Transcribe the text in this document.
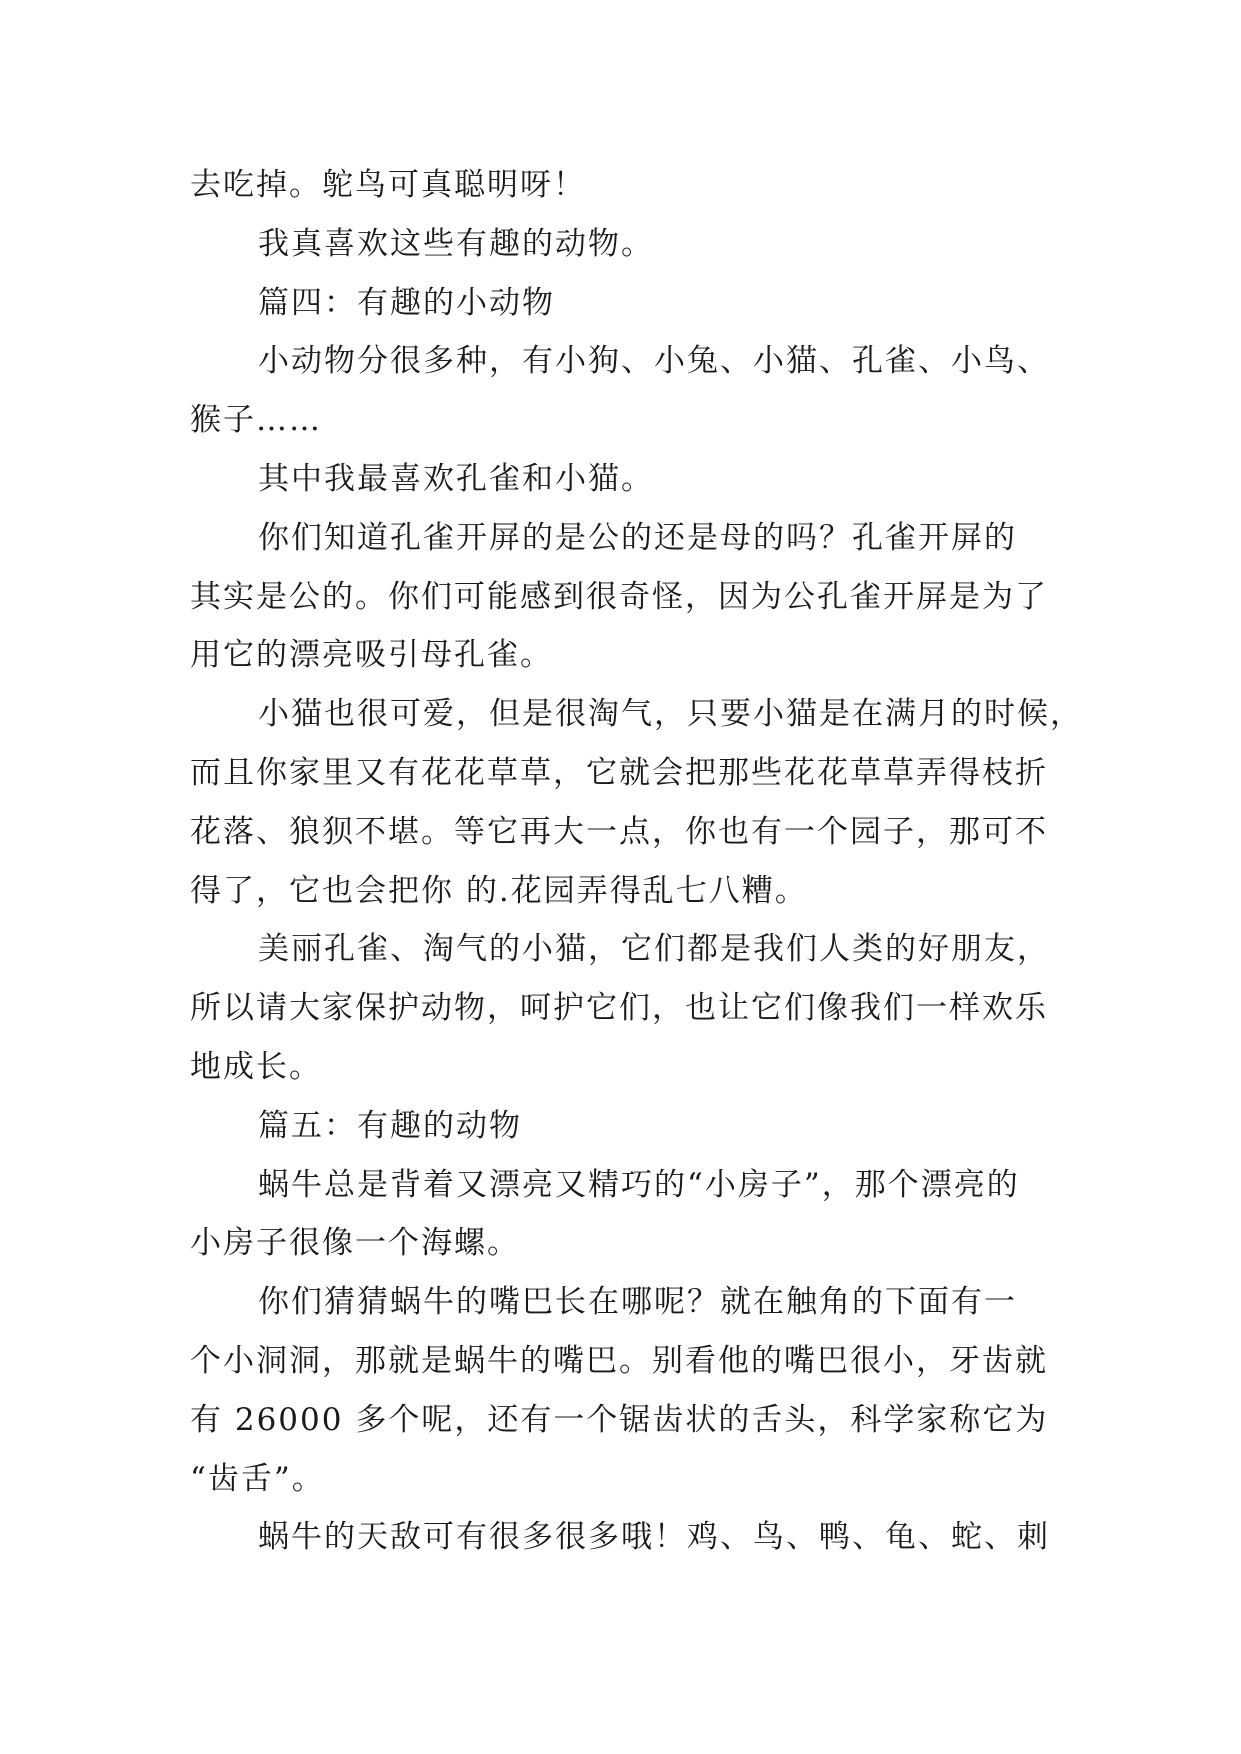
去吃掉。鸵鸟可真聪明呀！

我真喜欢这些有趣的动物。

篇四：有趣的小动物

小动物分很多种，有小狗、小兔、小猫、孔雀、小鸟、
猴子……

其中我最喜欢孔雀和小猫。

你们知道孔雀开屏的是公的还是母的吗？孔雀开屏的
其实是公的。你们可能感到很奇怪，因为公孔雀开屏是为了
用它的漂亮吸引母孔雀。

小猫也很可爱，但是很淘气，只要小猫是在满月的时候，
而且你家里又有花花草草，它就会把那些花花草草弄得枝折
花落、狼狈不堪。等它再大一点，你也有一个园子，那可不
得了，它也会把你 的.花园弄得乱七八糟。

美丽孔雀、淘气的小猫，它们都是我们人类的好朋友，
所以请大家保护动物，呵护它们，也让它们像我们一样欢乐
地成长。

篇五：有趣的动物

蜗牛总是背着又漂亮又精巧的“小房子”，那个漂亮的
小房子很像一个海螺。

你们猜猜蜗牛的嘴巴长在哪呢？就在触角的下面有一
个小洞洞，那就是蜗牛的嘴巴。别看他的嘴巴很小，牙齿就
有 26000 多个呢，还有一个锯齿状的舌头，科学家称它为
“齿舌”。

蜗牛的天敌可有很多很多哦！鸡、鸟、鸭、龟、蛇、刺
